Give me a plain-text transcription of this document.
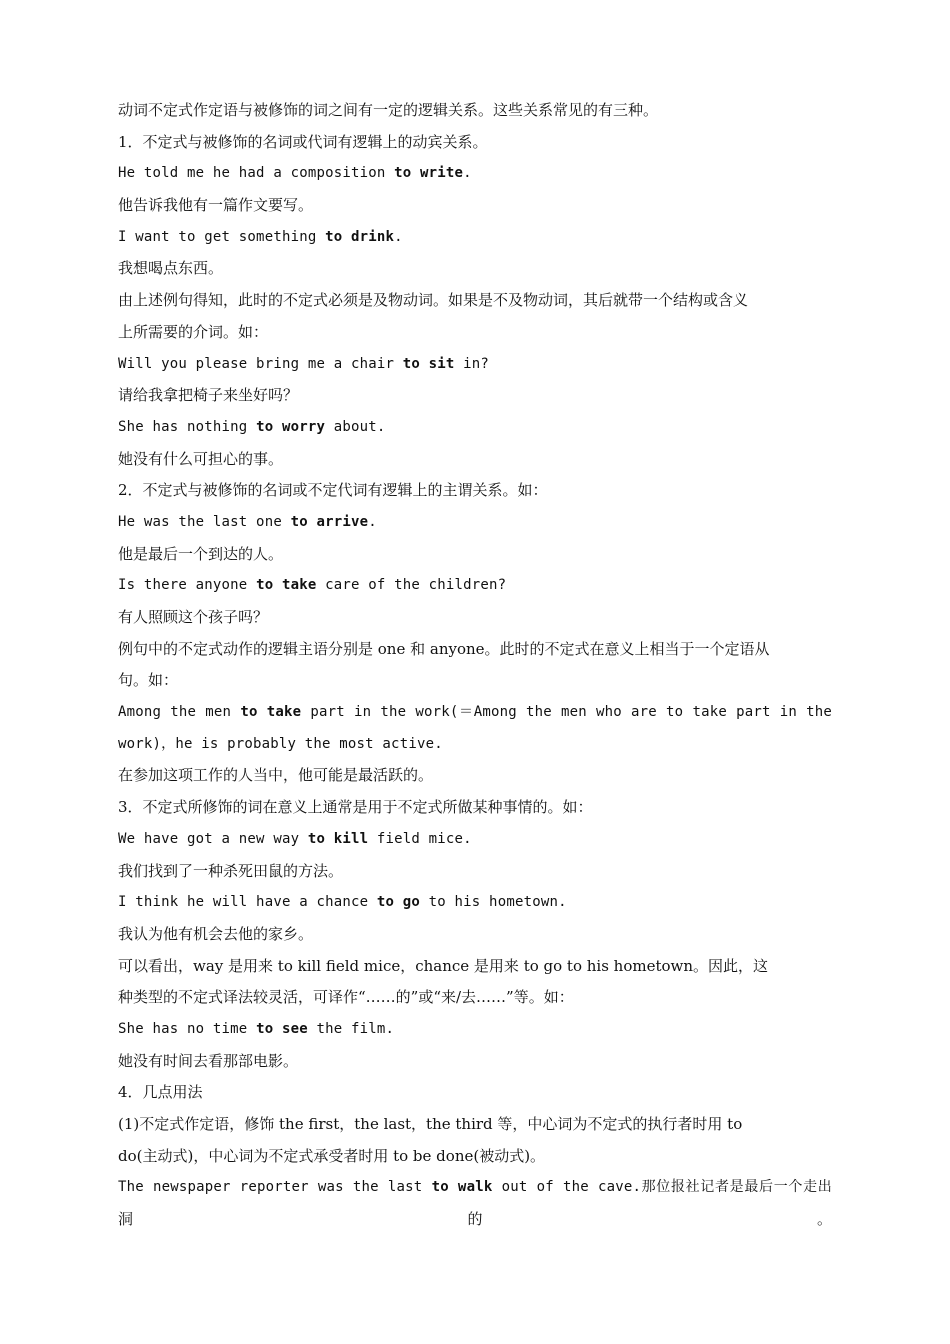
动词不定式作定语与被修饰的词之间有一定的逻辑关系。这些关系常见的有三种。
1．不定式与被修饰的名词或代词有逻辑上的动宾关系。
He told me he had a composition to write.
他告诉我他有一篇作文要写。
I want to get something to drink.
我想喝点东西。
由上述例句得知，此时的不定式必须是及物动词。如果是不及物动词，其后就带一个结构或含义
上所需要的介词。如：
Will you please bring me a chair to sit in?
请给我拿把椅子来坐好吗？
She has nothing to worry about.
她没有什么可担心的事。
2．不定式与被修饰的名词或不定代词有逻辑上的主谓关系。如：
He was the last one to arrive.
他是最后一个到达的人。
Is there anyone to take care of the children?
有人照顾这个孩子吗？
例句中的不定式动作的逻辑主语分别是 one 和 anyone。此时的不定式在意义上相当于一个定语从
句。如：
Among the men to take part in the work(＝Among the men who are to take part in the
work)，he is probably the most active.
在参加这项工作的人当中，他可能是最活跃的。
3．不定式所修饰的词在意义上通常是用于不定式所做某种事情的。如：
We have got a new way to kill field mice.
我们找到了一种杀死田鼠的方法。
I think he will have a chance to go to his hometown.
我认为他有机会去他的家乡。
可以看出，way 是用来 to kill field mice，chance 是用来 to go to his hometown。因此，这
种类型的不定式译法较灵活，可译作“……的”或“来/去……”等。如：
She has no time to see the film.
她没有时间去看那部电影。
4．几点用法
(1)不定式作定语，修饰 the first，the last，the third 等，中心词为不定式的执行者时用 to
do(主动式)，中心词为不定式承受者时用 to be done(被动式)。
The newspaper reporter was the last to walk out of the cave.那位报社记者是最后一个走出
洞 的 。
